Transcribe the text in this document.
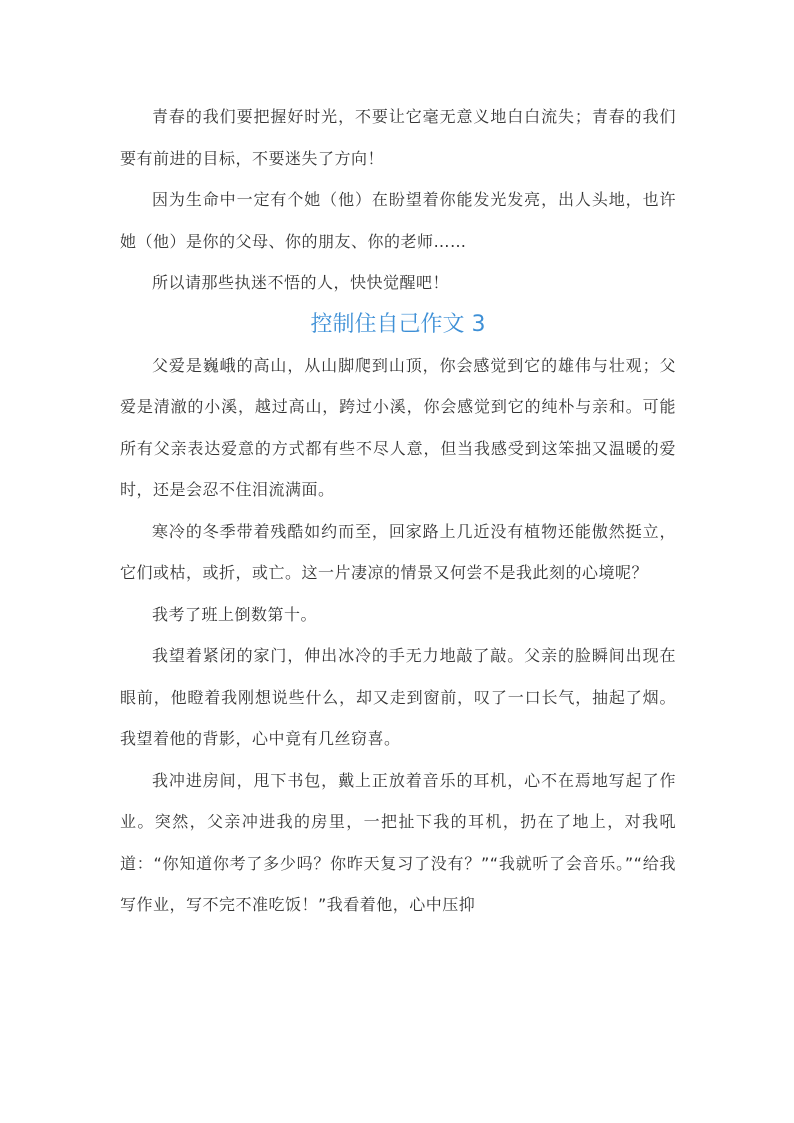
青春的我们要把握好时光，不要让它毫无意义地白白流失；青春的我们要有前进的目标，不要迷失了方向！

因为生命中一定有个她（他）在盼望着你能发光发亮，出人头地，也许她（他）是你的父母、你的朋友、你的老师……

所以请那些执迷不悟的人，快快觉醒吧！

控制住自己作文 3

父爱是巍峨的高山，从山脚爬到山顶，你会感觉到它的雄伟与壮观；父爱是清澈的小溪，越过高山，跨过小溪，你会感觉到它的纯朴与亲和。可能所有父亲表达爱意的方式都有些不尽人意，但当我感受到这笨拙又温暖的爱时，还是会忍不住泪流满面。

寒冷的冬季带着残酷如约而至，回家路上几近没有植物还能傲然挺立，它们或枯，或折，或亡。这一片凄凉的情景又何尝不是我此刻的心境呢？

我考了班上倒数第十。

我望着紧闭的家门，伸出冰冷的手无力地敲了敲。父亲的脸瞬间出现在眼前，他瞪着我刚想说些什么，却又走到窗前，叹了一口长气，抽起了烟。我望着他的背影，心中竟有几丝窃喜。

我冲进房间，甩下书包，戴上正放着音乐的耳机，心不在焉地写起了作业。突然，父亲冲进我的房里，一把扯下我的耳机，扔在了地上，对我吼道：“你知道你考了多少吗？你昨天复习了没有？”“我就听了会音乐。”“给我写作业，写不完不准吃饭！”我看着他，心中压抑
